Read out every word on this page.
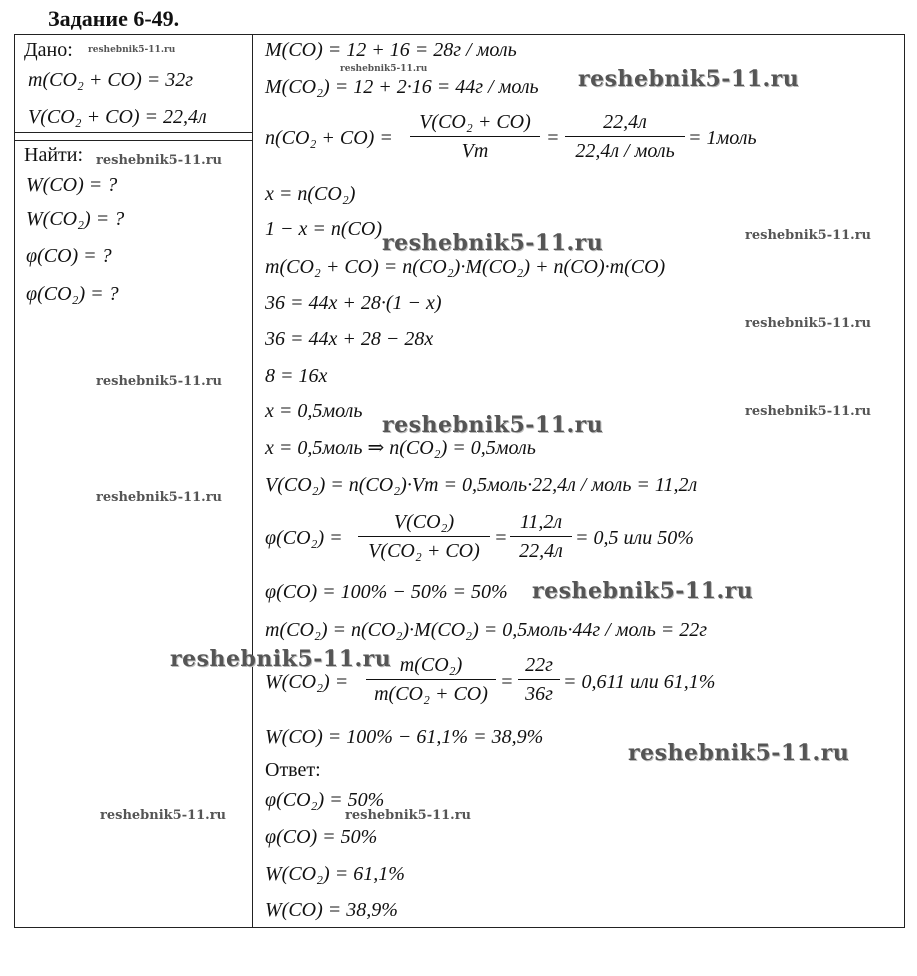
Задание 6-49.
Дано:
m(CO₂ + CO) = 32г
V(CO₂ + CO) = 22,4л
Найти:
W(CO) = ?
W(CO₂) = ?
φ(CO) = ?
φ(CO₂) = ?
M(CO) = 12 + 16 = 28г / моль
M(CO₂) = 12 + 2·16 = 44г / моль
n(CO₂ + CO) =
V(CO₂ + CO)
Vm
=
22,4л
22,4л / моль
= 1моль
x = n(CO₂)
1 − x = n(CO)
m(CO₂ + CO) = n(CO₂)·M(CO₂) + n(CO)·m(CO)
36 = 44x + 28·(1 − x)
36 = 44x + 28 − 28x
8 = 16x
x = 0,5моль
x = 0,5моль ⇒ n(CO₂) = 0,5моль
V(CO₂) = n(CO₂)·Vm = 0,5моль·22,4л / моль = 11,2л
φ(CO₂) =
V(CO₂)
V(CO₂ + CO)
=
11,2л
22,4л
= 0,5 или 50%
φ(CO) = 100% − 50% = 50%
m(CO₂) = n(CO₂)·M(CO₂) = 0,5моль·44г / моль = 22г
W(CO₂) =
m(CO₂)
m(CO₂ + CO)
=
22г
36г
= 0,611 или 61,1%
W(CO) = 100% − 61,1% = 38,9%
Ответ:
φ(CO₂) = 50%
φ(CO) = 50%
W(CO₂) = 61,1%
W(CO) = 38,9%
reshebnik5-11.ru
reshebnik5-11.ru	reshebnik5-11.ru
reshebnik5-11.ru
reshebnik5-11.ru	reshebnik5-11.ru
reshebnik5-11.ru
reshebnik5-11.ru
reshebnik5-11.ru
reshebnik5-11.ru
reshebnik5-11.ru
reshebnik5-11.ru
reshebnik5-11.ru
reshebnik5-11.ru
reshebnik5-11.ru	reshebnik5-11.ru
